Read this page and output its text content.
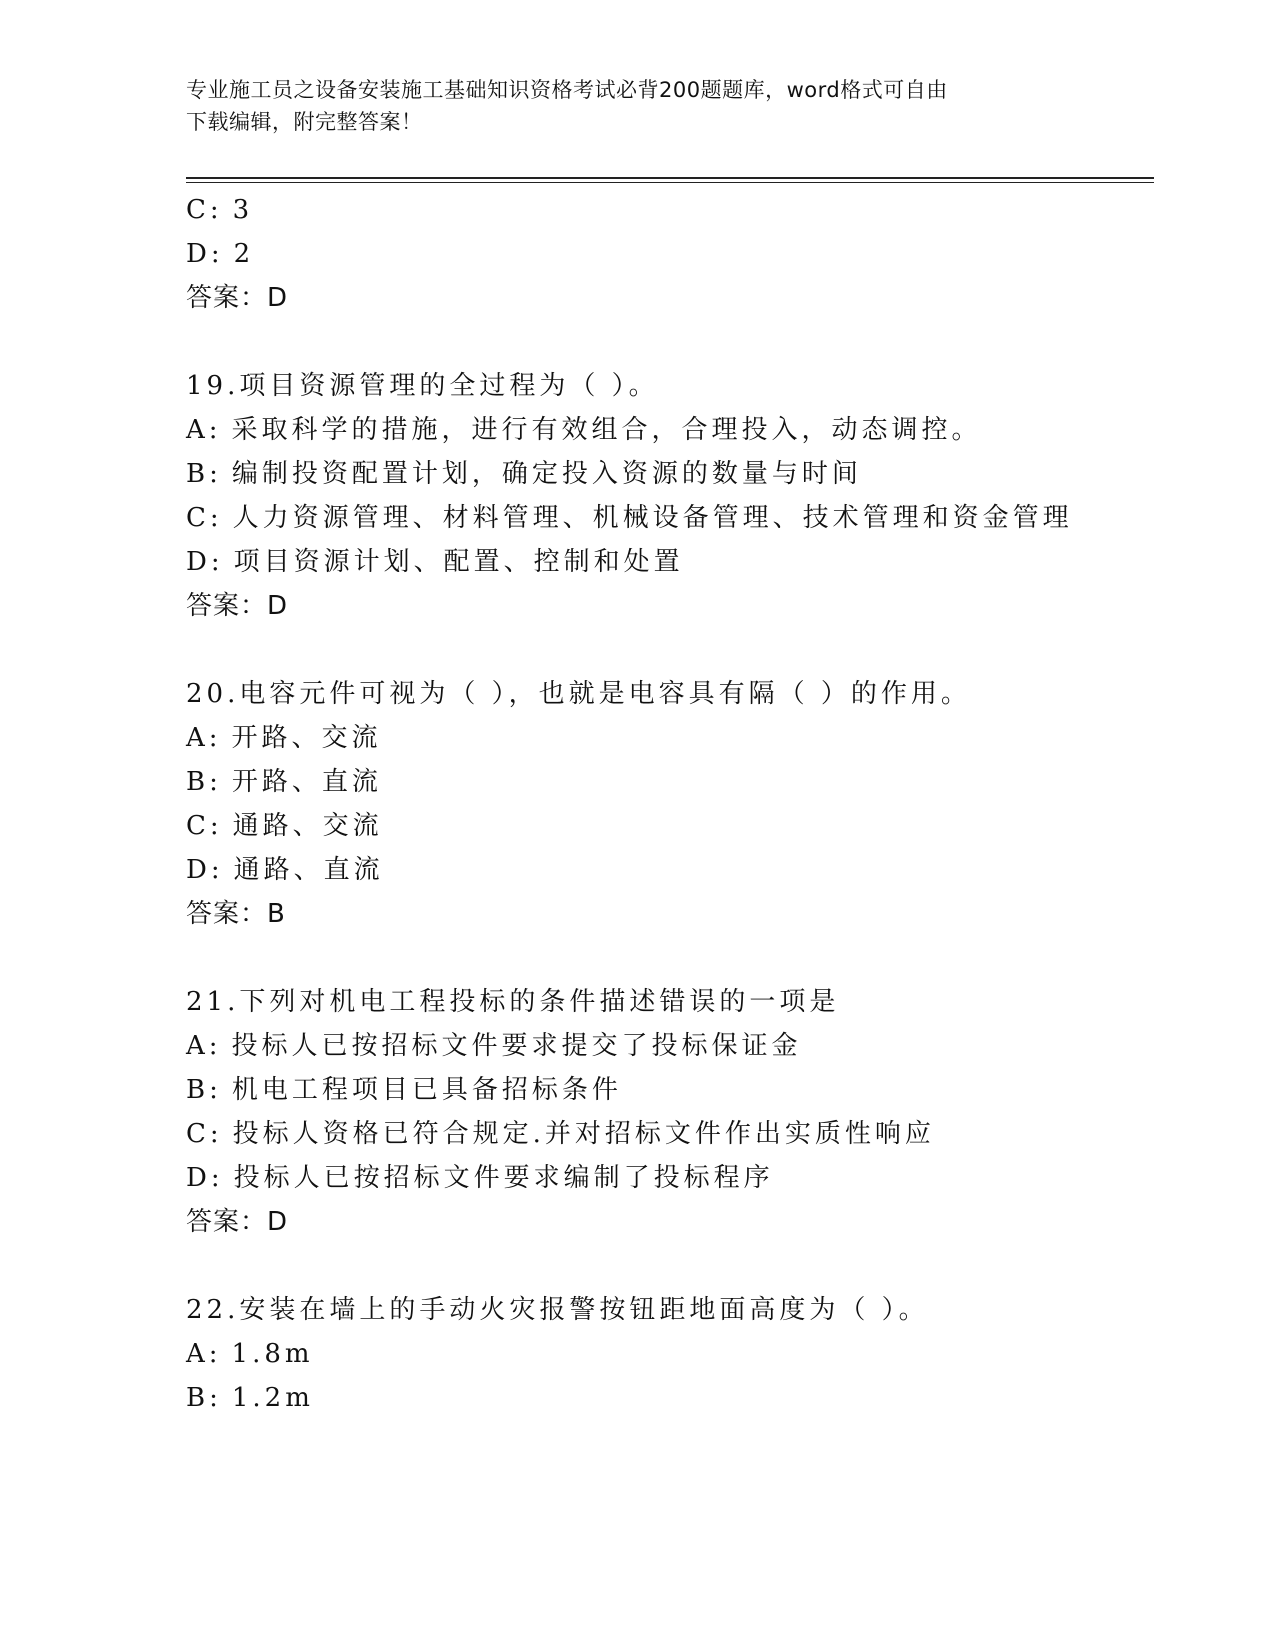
专业施工员之设备安装施工基础知识资格考试必背200题题库，word格式可自由
下载编辑，附完整答案！
C: 3
D: 2
答案：D
19.项目资源管理的全过程为（ ）。
A: 采取科学的措施，进行有效组合，合理投入，动态调控。
B: 编制投资配置计划，确定投入资源的数量与时间
C: 人力资源管理、材料管理、机械设备管理、技术管理和资金管理
D: 项目资源计划、配置、控制和处置
答案：D
20.电容元件可视为（ ），也就是电容具有隔（ ）的作用。
A: 开路、交流
B: 开路、直流
C: 通路、交流
D: 通路、直流
答案：B
21.下列对机电工程投标的条件描述错误的一项是
A: 投标人已按招标文件要求提交了投标保证金
B: 机电工程项目已具备招标条件
C: 投标人资格已符合规定.并对招标文件作出实质性响应
D: 投标人已按招标文件要求编制了投标程序
答案：D
22.安装在墙上的手动火灾报警按钮距地面高度为（ ）。
A: 1.8m
B: 1.2m
